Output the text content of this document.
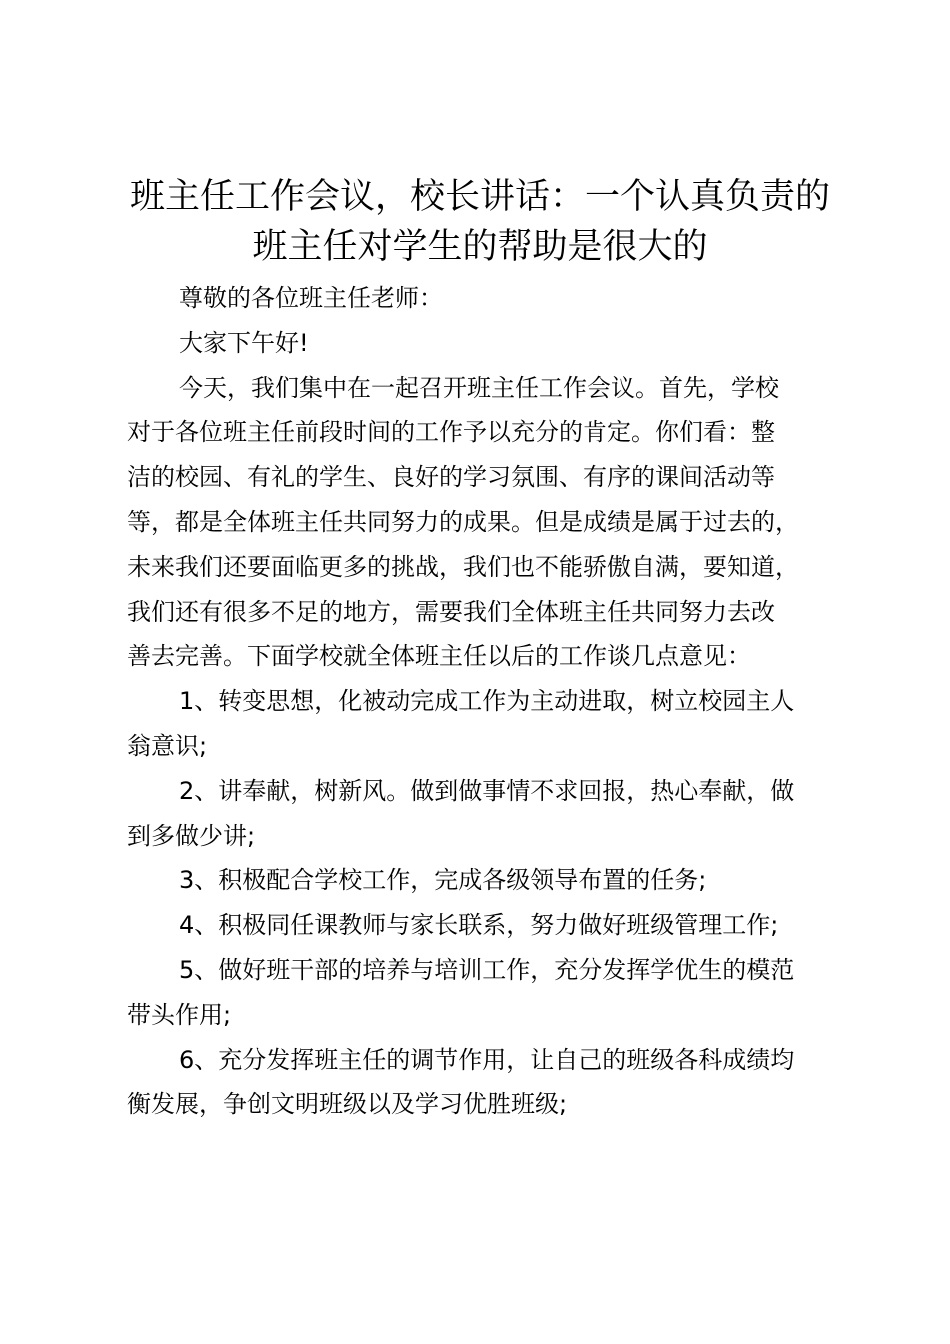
班主任工作会议，校长讲话：一个认真负责的
班主任对学生的帮助是很大的

尊敬的各位班主任老师：

大家下午好!

今天，我们集中在一起召开班主任工作会议。首先，学校
对于各位班主任前段时间的工作予以充分的肯定。你们看：整
洁的校园、有礼的学生、良好的学习氛围、有序的课间活动等
等，都是全体班主任共同努力的成果。但是成绩是属于过去的，
未来我们还要面临更多的挑战，我们也不能骄傲自满，要知道，
我们还有很多不足的地方，需要我们全体班主任共同努力去改
善去完善。下面学校就全体班主任以后的工作谈几点意见：

1、转变思想，化被动完成工作为主动进取，树立校园主人
翁意识;

2、讲奉献，树新风。做到做事情不求回报，热心奉献，做
到多做少讲;

3、积极配合学校工作，完成各级领导布置的任务;

4、积极同任课教师与家长联系，努力做好班级管理工作;

5、做好班干部的培养与培训工作，充分发挥学优生的模范
带头作用;

6、充分发挥班主任的调节作用，让自己的班级各科成绩均
衡发展，争创文明班级以及学习优胜班级;
